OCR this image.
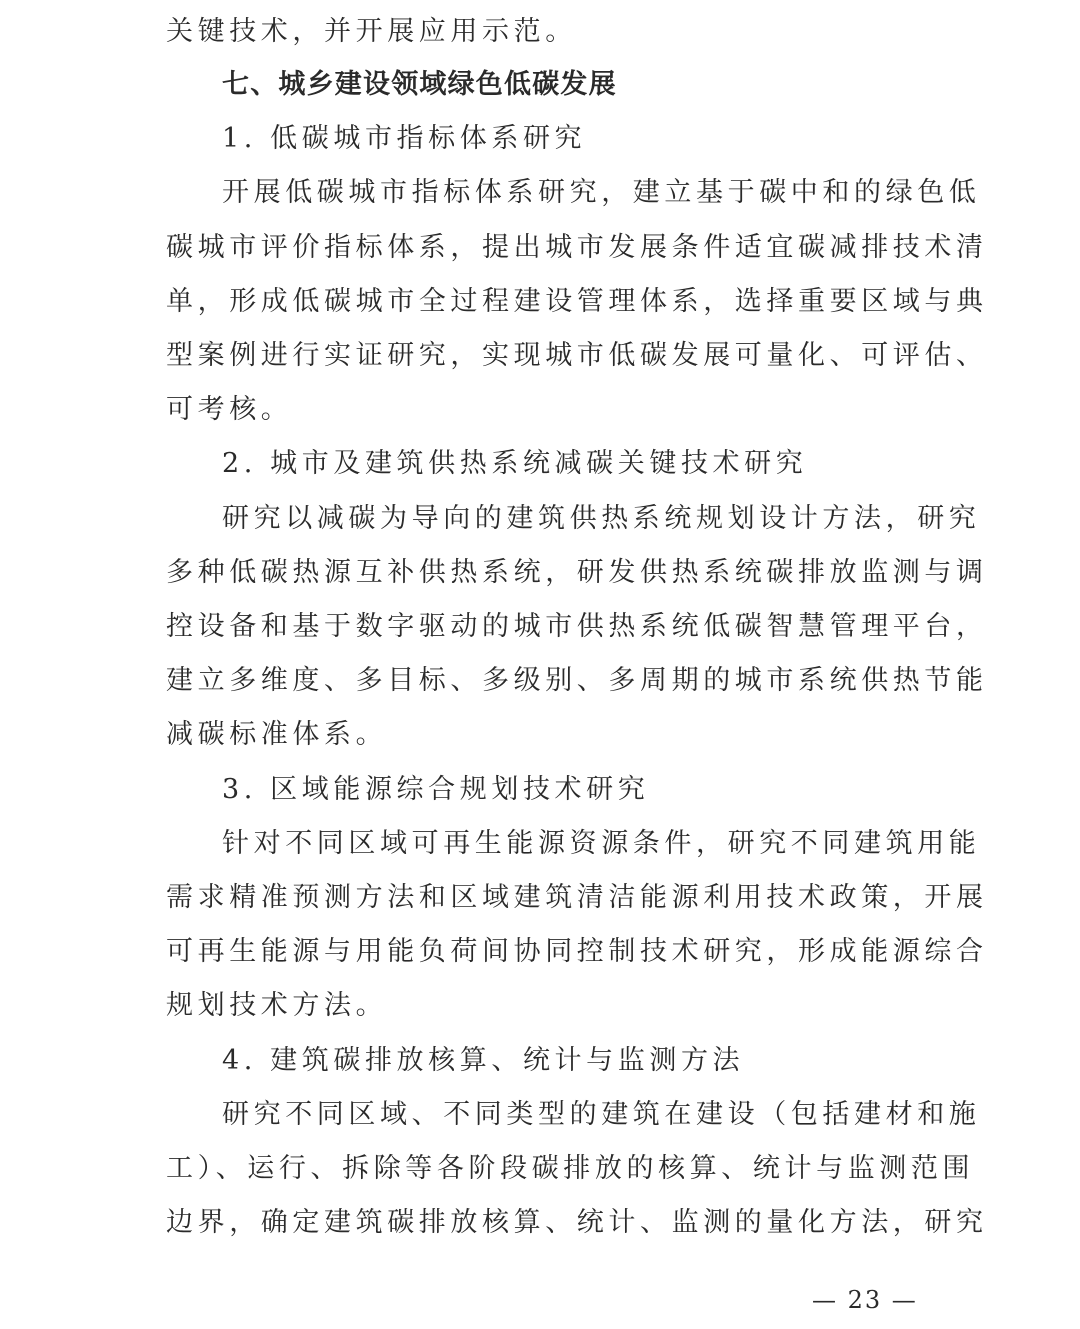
关键技术，并开展应用示范。
七、城乡建设领域绿色低碳发展
1. 低碳城市指标体系研究
开展低碳城市指标体系研究，建立基于碳中和的绿色低
碳城市评价指标体系，提出城市发展条件适宜碳减排技术清
单，形成低碳城市全过程建设管理体系，选择重要区域与典
型案例进行实证研究，实现城市低碳发展可量化、可评估、
可考核。
2. 城市及建筑供热系统减碳关键技术研究
研究以减碳为导向的建筑供热系统规划设计方法，研究
多种低碳热源互补供热系统，研发供热系统碳排放监测与调
控设备和基于数字驱动的城市供热系统低碳智慧管理平台，
建立多维度、多目标、多级别、多周期的城市系统供热节能
减碳标准体系。
3. 区域能源综合规划技术研究
针对不同区域可再生能源资源条件，研究不同建筑用能
需求精准预测方法和区域建筑清洁能源利用技术政策，开展
可再生能源与用能负荷间协同控制技术研究，形成能源综合
规划技术方法。
4. 建筑碳排放核算、统计与监测方法
研究不同区域、不同类型的建筑在建设（包括建材和施
工）、运行、拆除等各阶段碳排放的核算、统计与监测范围
边界，确定建筑碳排放核算、统计、监测的量化方法，研究
— 23 —
